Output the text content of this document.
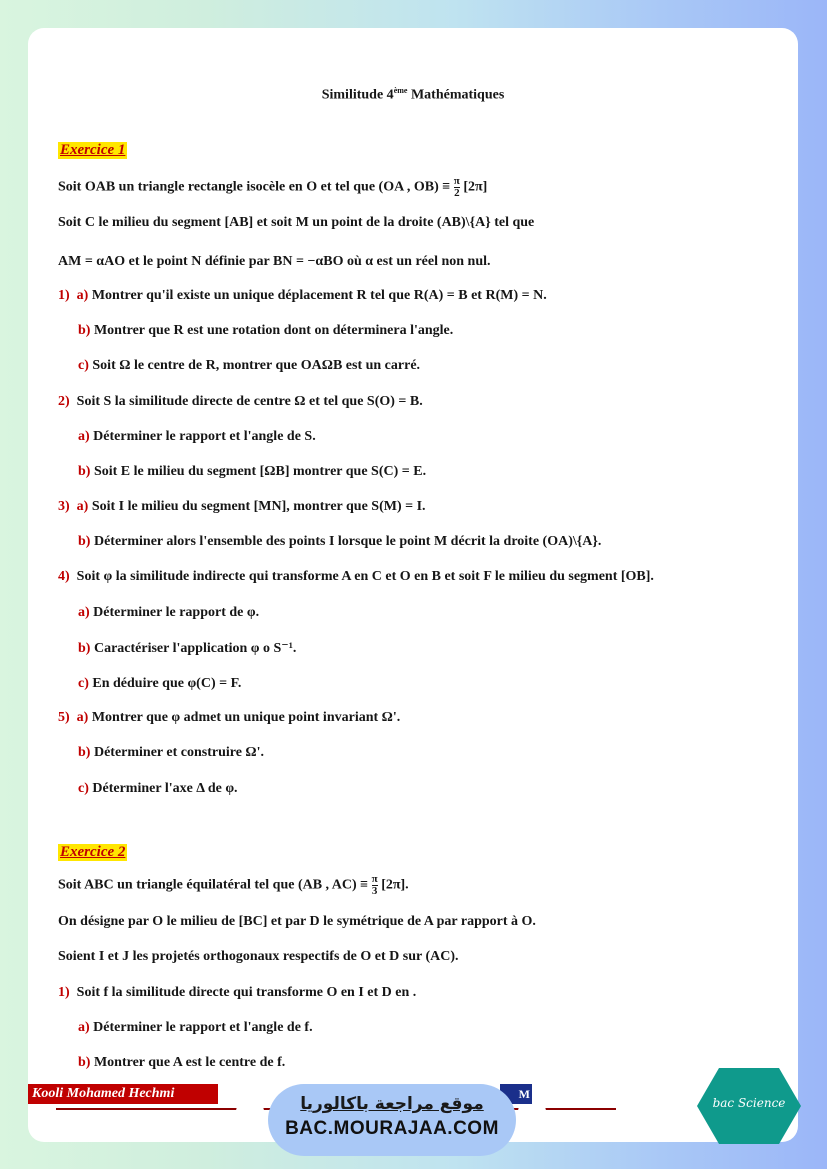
Similitude 4ème Mathématiques
Exercice 1
Soit OAB un triangle rectangle isocèle en O et tel que (OA , $OB) \equiv \frac{\pi}{2} [2\pi]$
Soit C le milieu du segment [AB] et soit M un point de la droite (AB)\{A} tel que
AM = αAO et le point N définie par BN = −αBO où α est un réel non nul.
1) a) Montrer qu'il existe un unique déplacement R tel que R(A) = B et R(M) = N.
b) Montrer que R est une rotation dont on déterminera l'angle.
c) Soit Ω le centre de R, montrer que OAΩB est un carré.
2) Soit S la similitude directe de centre Ω et tel que S(O) = B.
a) Déterminer le rapport et l'angle de S.
b) Soit E le milieu du segment [ΩB] montrer que S(C) = E.
3) a) Soit I le milieu du segment [MN], montrer que S(M) = I.
b) Déterminer alors l'ensemble des points I lorsque le point M décrit la droite (OA)\{A}.
4) Soit φ la similitude indirecte qui transforme A en C et O en B et soit F le milieu du segment [OB].
a) Déterminer le rapport de φ.
b) Caractériser l'application φ o S⁻¹.
c) En déduire que φ(C) = F.
5) a) Montrer que φ admet un unique point invariant Ω'.
b) Déterminer et construire Ω'.
c) Déterminer l'axe Δ de φ.
Exercice 2
Soit ABC un triangle équilatéral tel que (AB , $AC) \equiv \frac{\pi}{3} [2\pi]$.
On désigne par O le milieu de [BC] et par D le symétrique de A par rapport à O.
Soient I et J les projetés orthogonaux respectifs de O et D sur (AC).
1) Soit f la similitude directe qui transforme O en I et D en .
a) Déterminer le rapport et l'angle de f.
b) Montrer que A est le centre de f.
Kooli Mohamed Hechmi	M
موقع مراجعة باكالوريا
BAC.MOURAJAA.COM
bac Science
